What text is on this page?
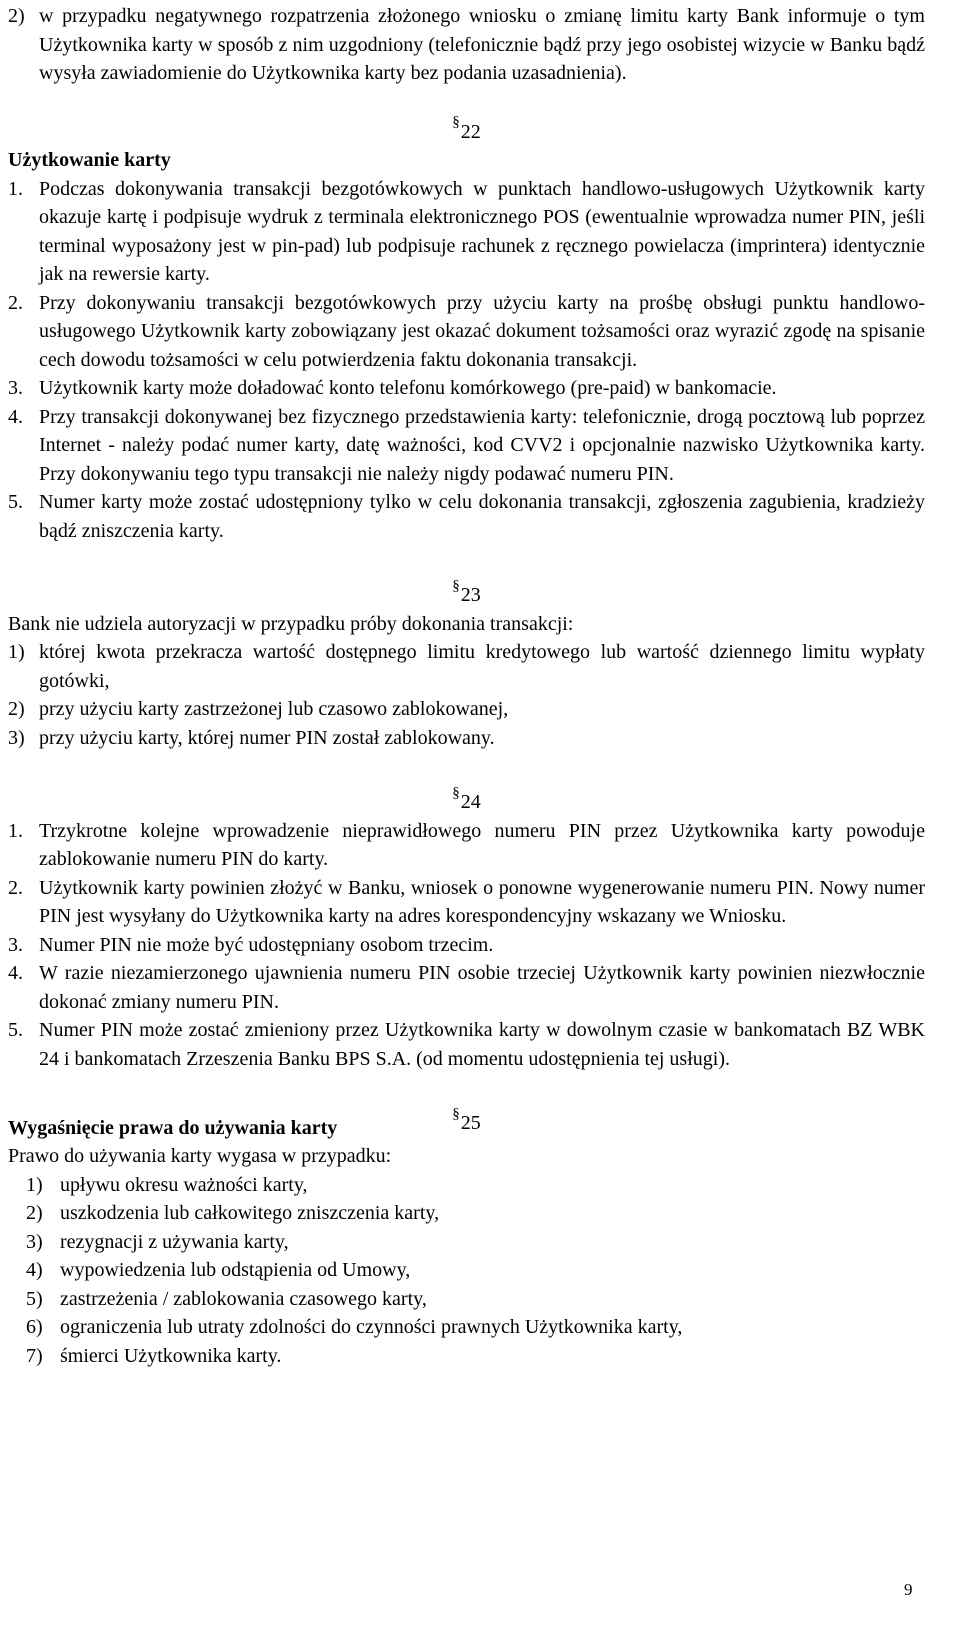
2) w przypadku negatywnego rozpatrzenia złożonego wniosku o zmianę limitu karty Bank informuje o tym Użytkownika karty w sposób z nim uzgodniony (telefonicznie bądź przy jego osobistej wizycie w Banku bądź wysyła zawiadomienie do Użytkownika karty bez podania uzasadnienia).
§ 22
Użytkowanie karty
1. Podczas dokonywania transakcji bezgotówkowych w punktach handlowo-usługowych Użytkownik karty okazuje kartę i podpisuje wydruk z terminala elektronicznego POS (ewentualnie wprowadza numer PIN, jeśli terminal wyposażony jest w pin-pad) lub podpisuje rachunek z ręcznego powielacza (imprintera) identycznie jak na rewersie karty.
2. Przy dokonywaniu transakcji bezgotówkowych przy użyciu karty na prośbę obsługi punktu handlowo-usługowego Użytkownik karty zobowiązany jest okazać dokument tożsamości oraz wyrazić zgodę na spisanie cech dowodu tożsamości w celu potwierdzenia faktu dokonania transakcji.
3. Użytkownik karty może doładować konto telefonu komórkowego (pre-paid) w bankomacie.
4. Przy transakcji dokonywanej bez fizycznego przedstawienia karty: telefonicznie, drogą pocztową lub poprzez Internet - należy podać numer karty, datę ważności, kod CVV2 i opcjonalnie nazwisko Użytkownika karty. Przy dokonywaniu tego typu transakcji nie należy nigdy podawać numeru PIN.
5. Numer karty może zostać udostępniony tylko w celu dokonania transakcji, zgłoszenia zagubienia, kradzieży bądź zniszczenia karty.
§ 23
Bank nie udziela autoryzacji w przypadku próby dokonania transakcji:
1) której kwota przekracza wartość dostępnego limitu kredytowego lub wartość dziennego limitu wypłaty gotówki,
2) przy użyciu karty zastrzeżonej lub czasowo zablokowanej,
3) przy użyciu karty, której numer PIN został zablokowany.
§ 24
1. Trzykrotne kolejne wprowadzenie nieprawidłowego numeru PIN przez Użytkownika karty powoduje zablokowanie numeru PIN do karty.
2. Użytkownik karty powinien złożyć w Banku, wniosek o ponowne wygenerowanie numeru PIN. Nowy numer PIN jest wysyłany do Użytkownika karty na adres korespondencyjny wskazany we Wniosku.
3. Numer PIN nie może być udostępniany osobom trzecim.
4. W razie niezamierzonego ujawnienia numeru PIN osobie trzeciej Użytkownik karty powinien niezwłocznie dokonać zmiany numeru PIN.
5. Numer PIN może zostać zmieniony przez Użytkownika karty w dowolnym czasie w bankomatach BZ WBK 24 i bankomatach Zrzeszenia Banku BPS S.A. (od momentu udostępnienia tej usługi).
§ 25
Wygaśnięcie prawa do używania karty
Prawo do używania karty wygasa w przypadku:
1) upływu okresu ważności karty,
2) uszkodzenia lub całkowitego zniszczenia karty,
3) rezygnacji z używania karty,
4) wypowiedzenia lub odstąpienia od Umowy,
5) zastrzeżenia / zablokowania czasowego karty,
6) ograniczenia lub utraty zdolności do czynności prawnych Użytkownika karty,
7) śmierci Użytkownika karty.
9
